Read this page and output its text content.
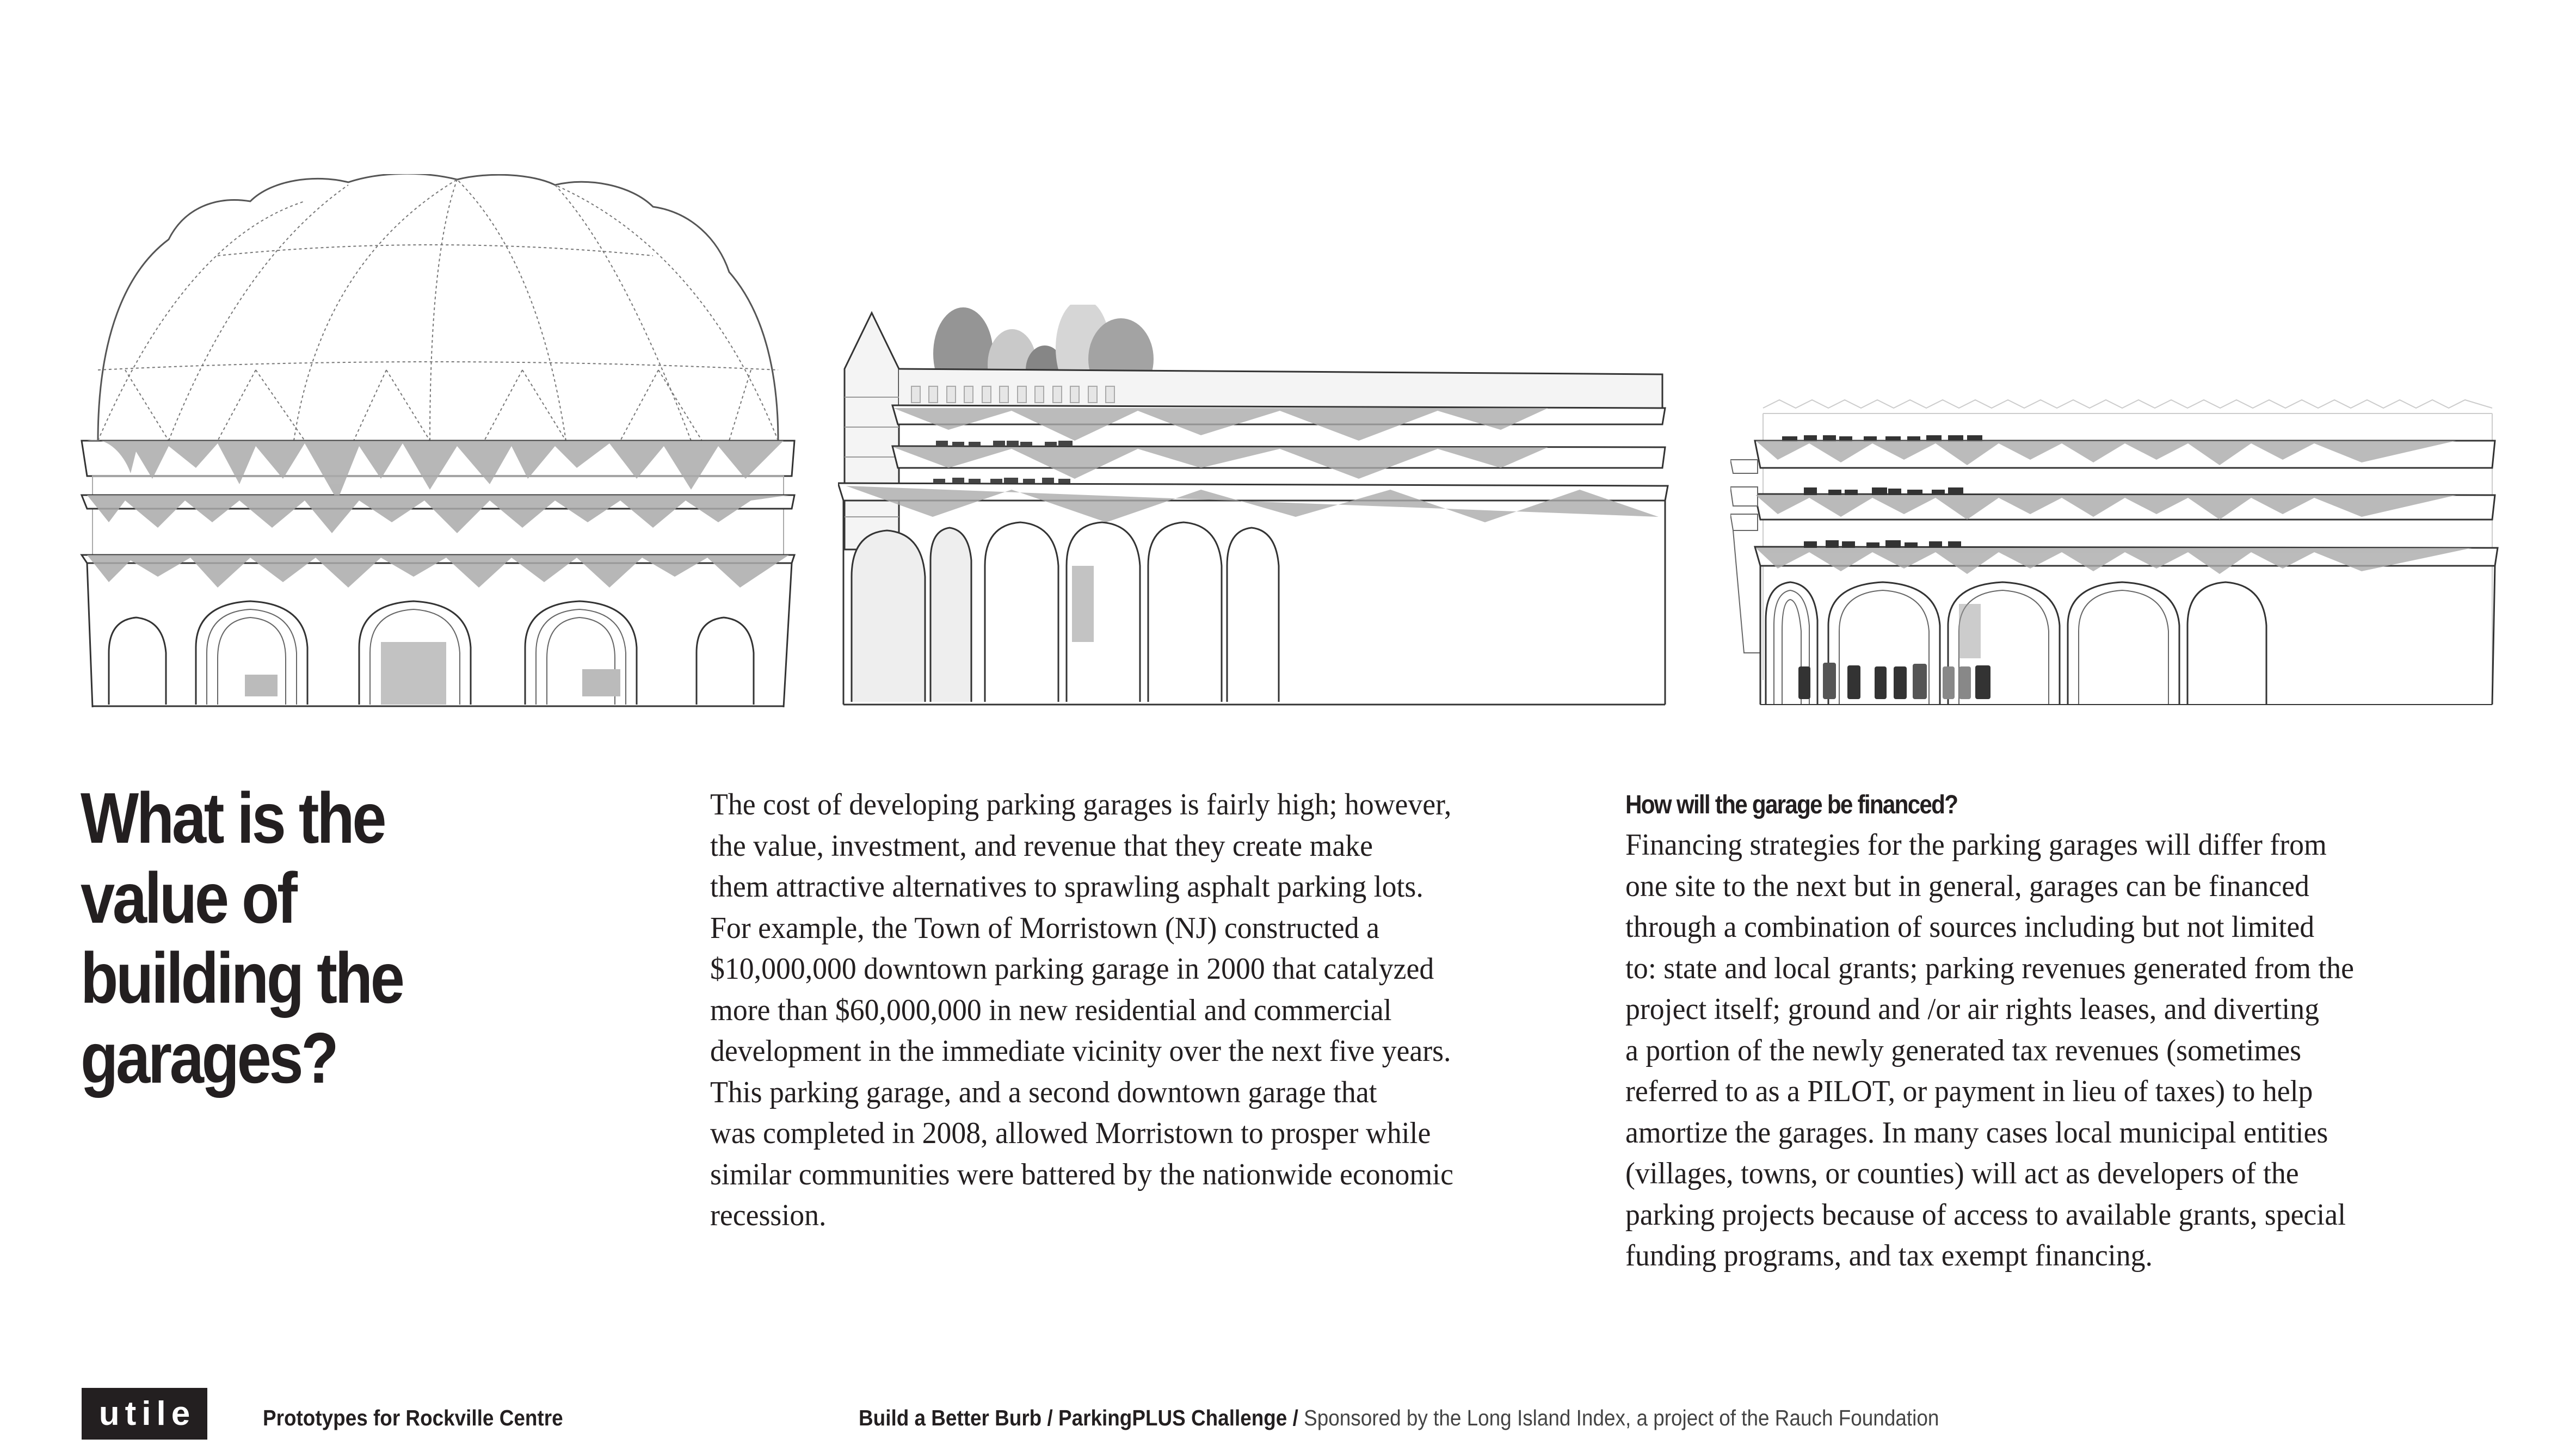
What is the
value of
building the
garages?
The cost of developing parking garages is fairly high; however,
the value, investment, and revenue that they create make
them attractive alternatives to sprawling asphalt parking lots.
For example, the Town of Morristown (NJ) constructed a
$10,000,000 downtown parking garage in 2000 that catalyzed
more than $60,000,000 in new residential and commercial
development in the immediate vicinity over the next five years.
This parking garage, and a second downtown garage that
was completed in 2008, allowed Morristown to prosper while
similar communities were battered by the nationwide economic
recession.
How will the garage be financed?
Financing strategies for the parking garages will differ from
one site to the next but in general, garages can be financed
through a combination of sources including but not limited
to: state and local grants; parking revenues generated from the
project itself; ground and /or air rights leases, and diverting
a portion of the newly generated tax revenues (sometimes
referred to as a PILOT, or payment in lieu of taxes) to help
amortize the garages. In many cases local municipal entities
(villages, towns, or counties) will act as developers of the
parking projects because of access to available grants, special
funding programs, and tax exempt financing.
utile	Prototypes for Rockville Centre	Build a Better Burb / ParkingPLUS Challenge / Sponsored by the Long Island Index, a project of the Rauch Foundation
